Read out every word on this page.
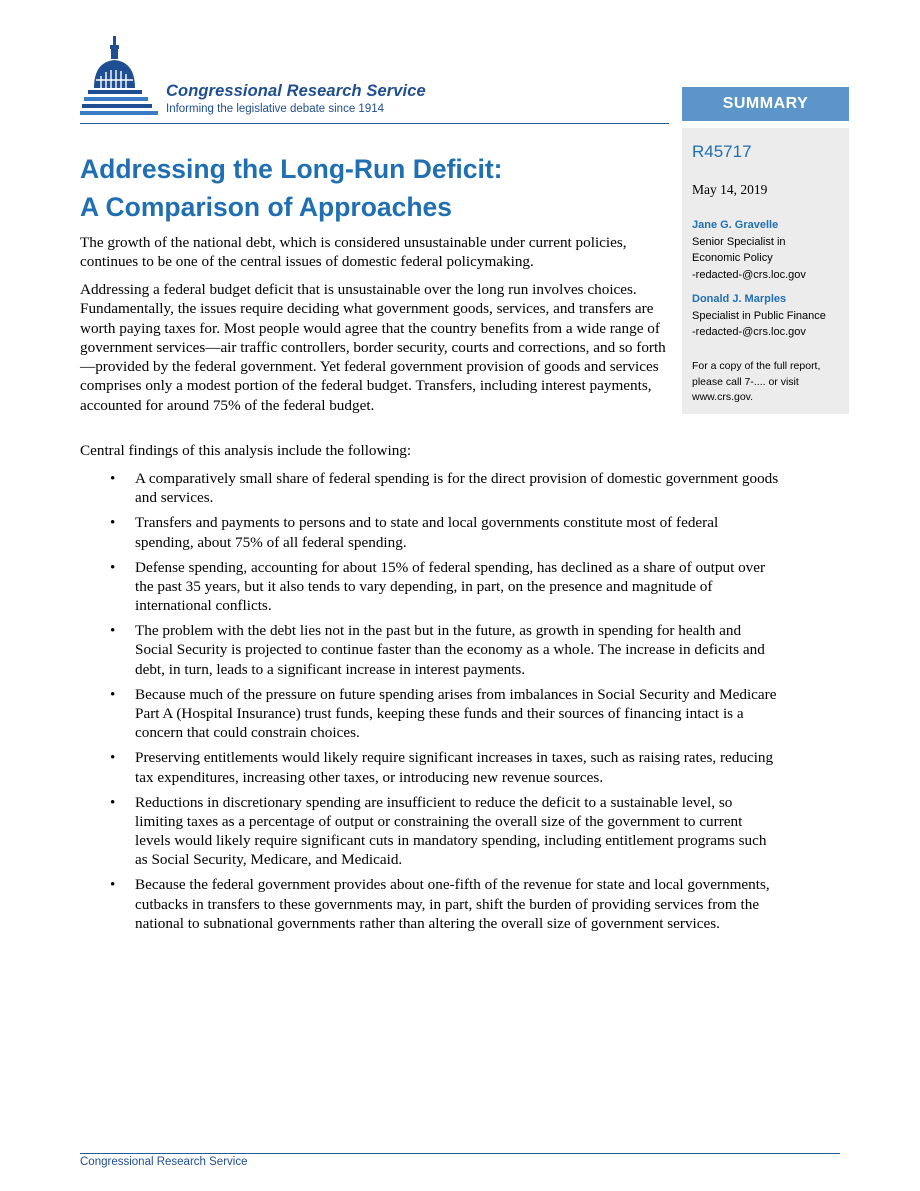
Congressional Research Service
Informing the legislative debate since 1914	SUMMARY
R45717
May 14, 2019
Jane G. Gravelle
Senior Specialist in
Economic Policy
-redacted-@crs.loc.gov
Donald J. Marples
Specialist in Public Finance
-redacted-@crs.loc.gov
For a copy of the full report,
please call 7-.... or visit
www.crs.gov.
Addressing the Long-Run Deficit:
A Comparison of Approaches

The growth of the national debt, which is considered unsustainable under current policies, continues to be one of the central issues of domestic federal policymaking.

Addressing a federal budget deficit that is unsustainable over the long run involves choices. Fundamentally, the issues require deciding what government goods, services, and transfers are worth paying taxes for. Most people would agree that the country benefits from a wide range of government services—air traffic controllers, border security, courts and corrections, and so forth—provided by the federal government. Yet federal government provision of goods and services comprises only a modest portion of the federal budget. Transfers, including interest payments, accounted for around 75% of the federal budget.

Central findings of this analysis include the following:

• A comparatively small share of federal spending is for the direct provision of domestic government goods and services.
• Transfers and payments to persons and to state and local governments constitute most of federal spending, about 75% of all federal spending.
• Defense spending, accounting for about 15% of federal spending, has declined as a share of output over the past 35 years, but it also tends to vary depending, in part, on the presence and magnitude of international conflicts.
• The problem with the debt lies not in the past but in the future, as growth in spending for health and Social Security is projected to continue faster than the economy as a whole. The increase in deficits and debt, in turn, leads to a significant increase in interest payments.
• Because much of the pressure on future spending arises from imbalances in Social Security and Medicare Part A (Hospital Insurance) trust funds, keeping these funds and their sources of financing intact is a concern that could constrain choices.
• Preserving entitlements would likely require significant increases in taxes, such as raising rates, reducing tax expenditures, increasing other taxes, or introducing new revenue sources.
• Reductions in discretionary spending are insufficient to reduce the deficit to a sustainable level, so limiting taxes as a percentage of output or constraining the overall size of the government to current levels would likely require significant cuts in mandatory spending, including entitlement programs such as Social Security, Medicare, and Medicaid.
• Because the federal government provides about one-fifth of the revenue for state and local governments, cutbacks in transfers to these governments may, in part, shift the burden of providing services from the national to subnational governments rather than altering the overall size of government services.
Congressional Research Service
